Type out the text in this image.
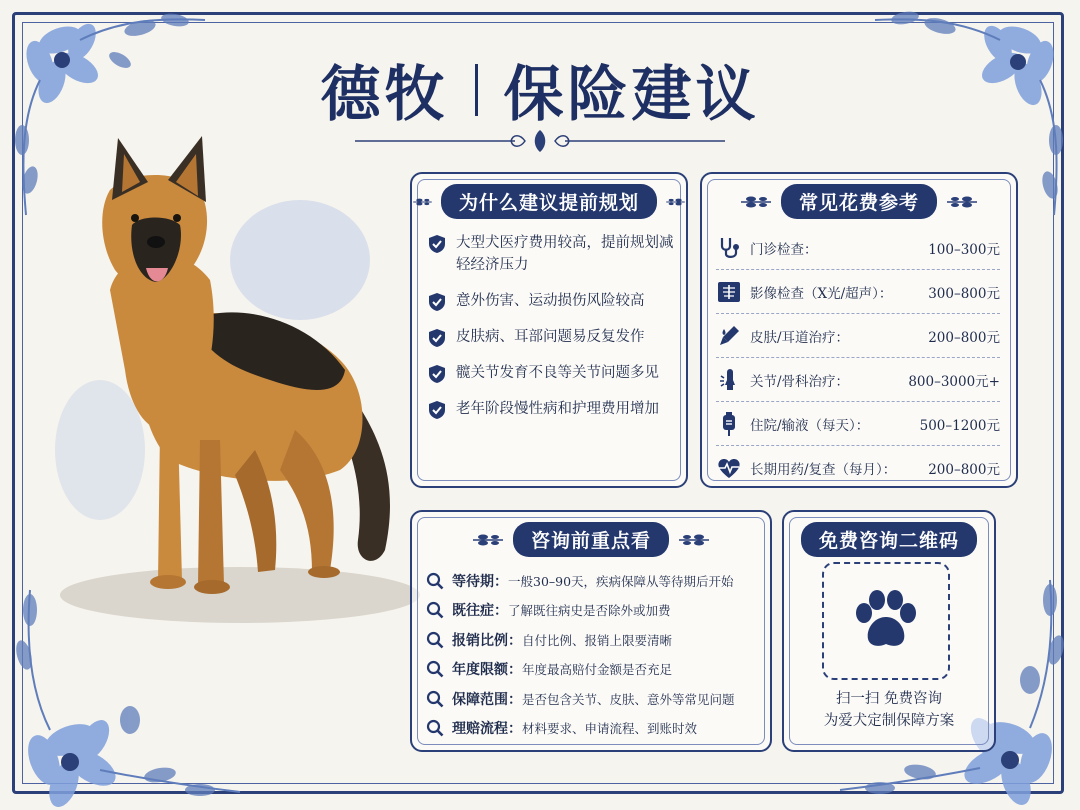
德牧 保险建议
为什么建议提前规划
大型犬医疗费用较高，提前规划减轻经济压力
意外伤害、运动损伤风险较高
皮肤病、耳部问题易反复发作
髋关节发育不良等关节问题多见
老年阶段慢性病和护理费用增加
常见花费参考
门诊检查：	100–300元
影像检查（X光/超声）：	300–800元
皮肤/耳道治疗：	200–800元
关节/骨科治疗：	800–3000元+
住院/输液（每天）：	500–1200元
长期用药/复查（每月）：	200–800元
咨询前重点看
等待期： 一般30–90天，疾病保障从等待期后开始
既往症： 了解既往病史是否除外或加费
报销比例： 自付比例、报销上限要清晰
年度限额： 年度最高赔付金额是否充足
保障范围： 是否包含关节、皮肤、意外等常见问题
理赔流程： 材料要求、申请流程、到账时效
免费咨询二维码
扫一扫 免费咨询
为爱犬定制保障方案
